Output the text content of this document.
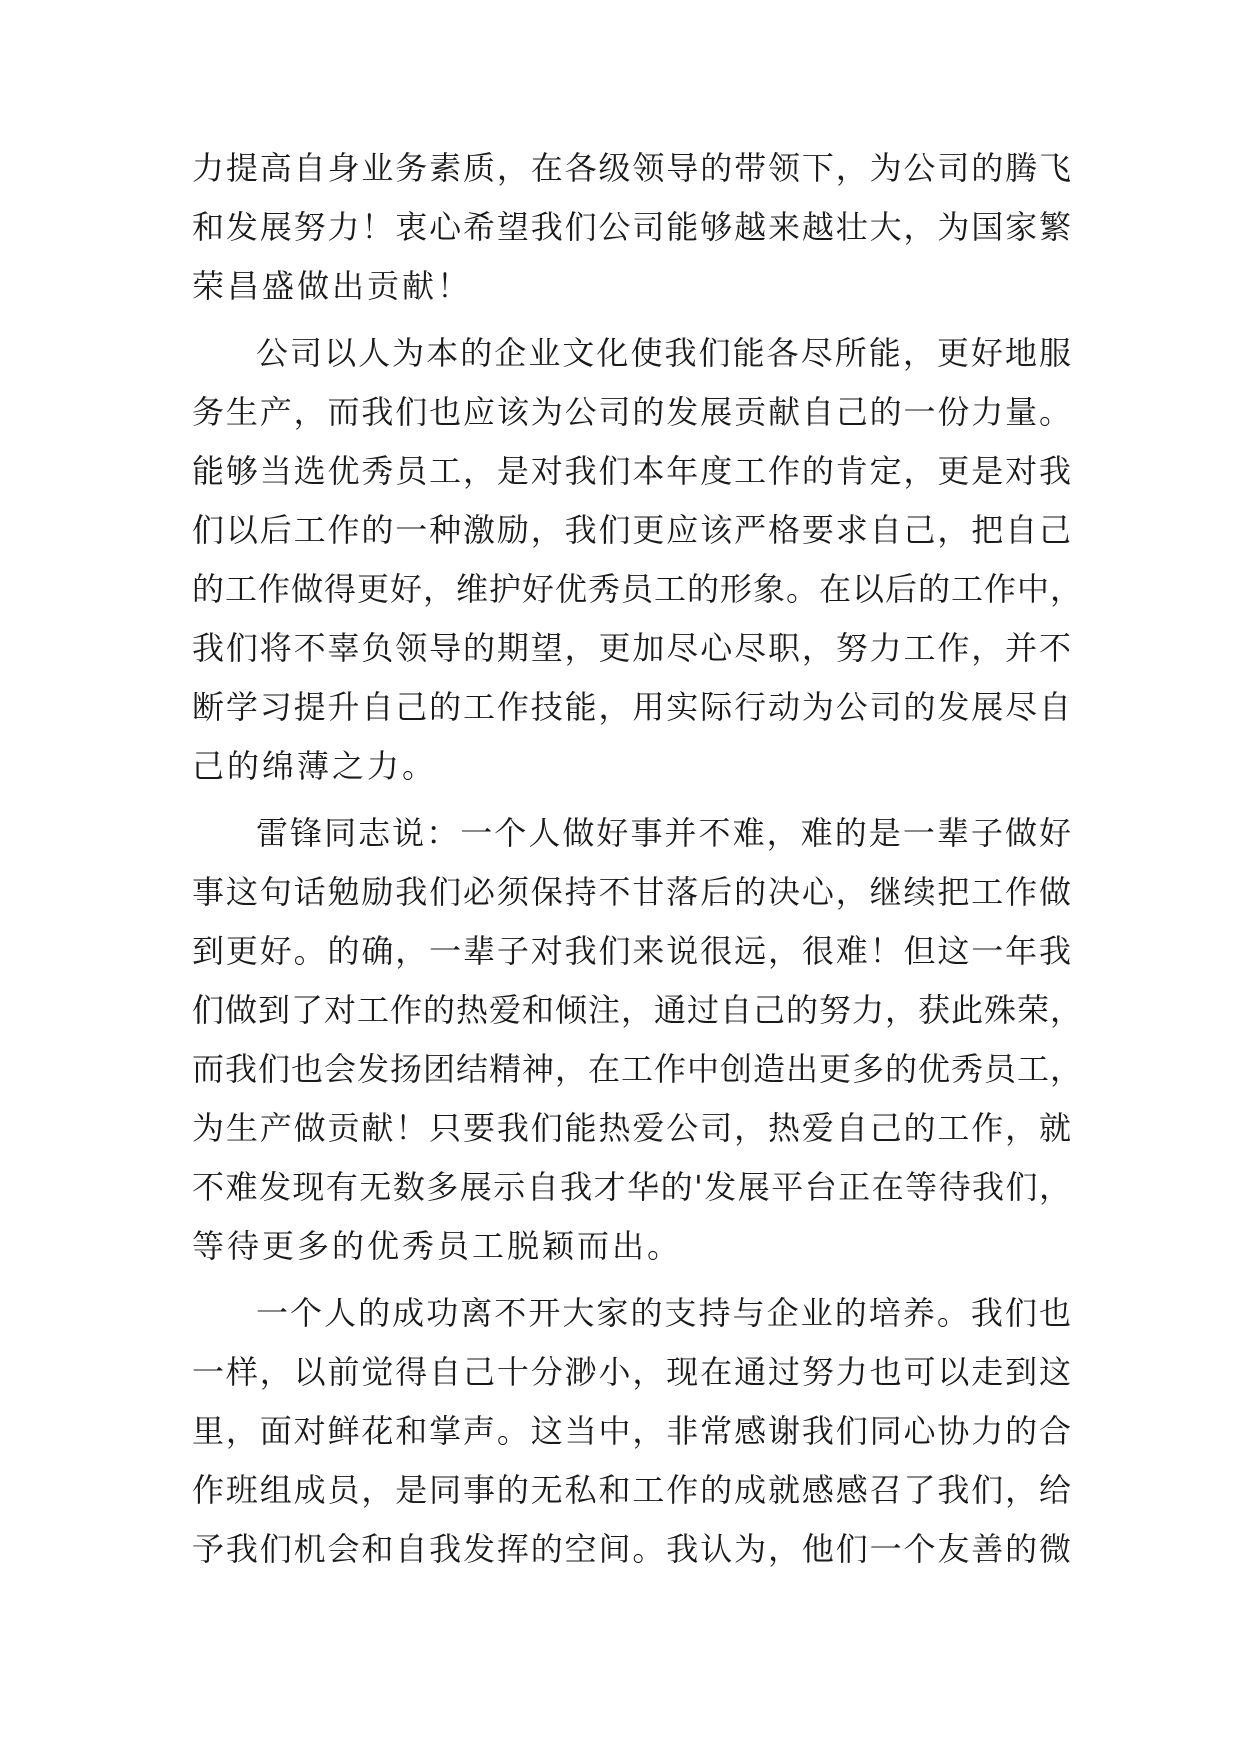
力提高自身业务素质，在各级领导的带领下，为公司的腾飞
和发展努力！衷心希望我们公司能够越来越壮大，为国家繁
荣昌盛做出贡献！
公司以人为本的企业文化使我们能各尽所能，更好地服
务生产，而我们也应该为公司的发展贡献自己的一份力量。
能够当选优秀员工，是对我们本年度工作的肯定，更是对我
们以后工作的一种激励，我们更应该严格要求自己，把自己
的工作做得更好，维护好优秀员工的形象。在以后的工作中，
我们将不辜负领导的期望，更加尽心尽职，努力工作，并不
断学习提升自己的工作技能，用实际行动为公司的发展尽自
己的绵薄之力。
雷锋同志说：一个人做好事并不难，难的是一辈子做好
事这句话勉励我们必须保持不甘落后的决心，继续把工作做
到更好。的确，一辈子对我们来说很远，很难！但这一年我
们做到了对工作的热爱和倾注，通过自己的努力，获此殊荣，
而我们也会发扬团结精神，在工作中创造出更多的优秀员工，
为生产做贡献！只要我们能热爱公司，热爱自己的工作，就
不难发现有无数多展示自我才华的'发展平台正在等待我们，
等待更多的优秀员工脱颖而出。
一个人的成功离不开大家的支持与企业的培养。我们也
一样，以前觉得自己十分渺小，现在通过努力也可以走到这
里，面对鲜花和掌声。这当中，非常感谢我们同心协力的合
作班组成员，是同事的无私和工作的成就感感召了我们，给
予我们机会和自我发挥的空间。我认为，他们一个友善的微
